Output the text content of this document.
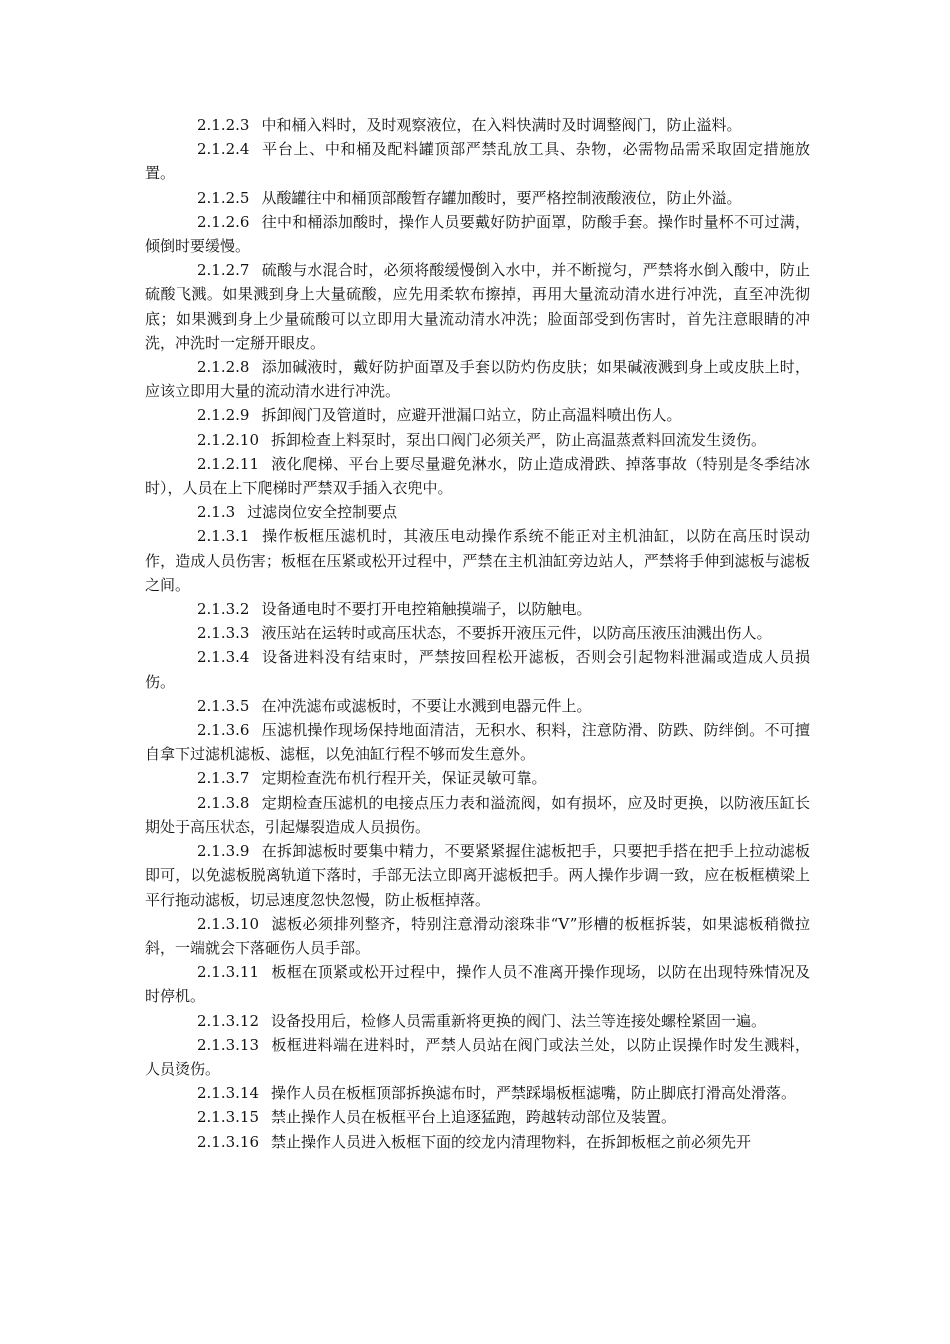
2.1.2.3 中和桶入料时，及时观察液位，在入料快满时及时调整阀门，防止溢料。

2.1.2.4 平台上、中和桶及配料罐顶部严禁乱放工具、杂物，必需物品需采取固定措施放置。

2.1.2.5 从酸罐往中和桶顶部酸暂存罐加酸时，要严格控制液酸液位，防止外溢。

2.1.2.6 往中和桶添加酸时，操作人员要戴好防护面罩，防酸手套。操作时量杯不可过满，倾倒时要缓慢。

2.1.2.7 硫酸与水混合时，必须将酸缓慢倒入水中，并不断搅匀，严禁将水倒入酸中，防止硫酸飞溅。如果溅到身上大量硫酸，应先用柔软布擦掉，再用大量流动清水进行冲洗，直至冲洗彻底；如果溅到身上少量硫酸可以立即用大量流动清水冲洗；脸面部受到伤害时，首先注意眼睛的冲洗，冲洗时一定掰开眼皮。

2.1.2.8 添加碱液时，戴好防护面罩及手套以防灼伤皮肤；如果碱液溅到身上或皮肤上时，应该立即用大量的流动清水进行冲洗。

2.1.2.9 拆卸阀门及管道时，应避开泄漏口站立，防止高温料喷出伤人。

2.1.2.10 拆卸检查上料泵时，泵出口阀门必须关严，防止高温蒸煮料回流发生烫伤。

2.1.2.11 液化爬梯、平台上要尽量避免淋水，防止造成滑跌、掉落事故（特别是冬季结冰时），人员在上下爬梯时严禁双手插入衣兜中。

2.1.3 过滤岗位安全控制要点

2.1.3.1 操作板框压滤机时，其液压电动操作系统不能正对主机油缸，以防在高压时误动作，造成人员伤害；板框在压紧或松开过程中，严禁在主机油缸旁边站人，严禁将手伸到滤板与滤板之间。

2.1.3.2 设备通电时不要打开电控箱触摸端子，以防触电。

2.1.3.3 液压站在运转时或高压状态，不要拆开液压元件，以防高压液压油溅出伤人。

2.1.3.4 设备进料没有结束时，严禁按回程松开滤板，否则会引起物料泄漏或造成人员损伤。

2.1.3.5 在冲洗滤布或滤板时，不要让水溅到电器元件上。

2.1.3.6 压滤机操作现场保持地面清洁，无积水、积料，注意防滑、防跌、防绊倒。不可擅自拿下过滤机滤板、滤框，以免油缸行程不够而发生意外。

2.1.3.7 定期检查洗布机行程开关，保证灵敏可靠。

2.1.3.8 定期检查压滤机的电接点压力表和溢流阀，如有损坏，应及时更换，以防液压缸长期处于高压状态，引起爆裂造成人员损伤。

2.1.3.9 在拆卸滤板时要集中精力，不要紧紧握住滤板把手，只要把手搭在把手上拉动滤板即可，以免滤板脱离轨道下落时，手部无法立即离开滤板把手。两人操作步调一致，应在板框横梁上平行拖动滤板，切忌速度忽快忽慢，防止板框掉落。

2.1.3.10 滤板必须排列整齐，特别注意滑动滚珠非“V”形槽的板框拆装，如果滤板稍微拉斜，一端就会下落砸伤人员手部。

2.1.3.11 板框在顶紧或松开过程中，操作人员不准离开操作现场，以防在出现特殊情况及时停机。

2.1.3.12 设备投用后，检修人员需重新将更换的阀门、法兰等连接处螺栓紧固一遍。

2.1.3.13 板框进料端在进料时，严禁人员站在阀门或法兰处，以防止误操作时发生溅料，人员烫伤。

2.1.3.14 操作人员在板框顶部拆换滤布时，严禁踩塌板框滤嘴，防止脚底打滑高处滑落。

2.1.3.15 禁止操作人员在板框平台上追逐猛跑，跨越转动部位及装置。

2.1.3.16 禁止操作人员进入板框下面的绞龙内清理物料，在拆卸板框之前必须先开
